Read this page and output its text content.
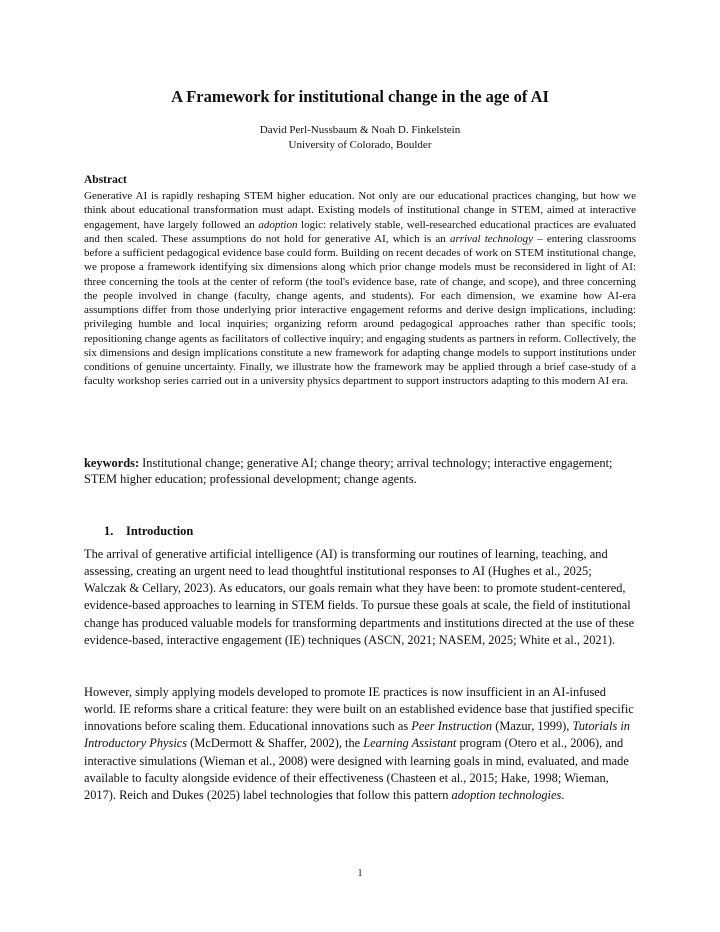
A Framework for institutional change in the age of AI
David Perl-Nussbaum & Noah D. Finkelstein
University of Colorado, Boulder
Abstract

Generative AI is rapidly reshaping STEM higher education. Not only are our educational practices changing, but how we think about educational transformation must adapt. Existing models of institutional change in STEM, aimed at interactive engagement, have largely followed an adoption logic: relatively stable, well-researched educational practices are evaluated and then scaled. These assumptions do not hold for generative AI, which is an arrival technology – entering classrooms before a sufficient pedagogical evidence base could form. Building on recent decades of work on STEM institutional change, we propose a framework identifying six dimensions along which prior change models must be reconsidered in light of AI: three concerning the tools at the center of reform (the tool's evidence base, rate of change, and scope), and three concerning the people involved in change (faculty, change agents, and students). For each dimension, we examine how AI-era assumptions differ from those underlying prior interactive engagement reforms and derive design implications, including: privileging humble and local inquiries; organizing reform around pedagogical approaches rather than specific tools; repositioning change agents as facilitators of collective inquiry; and engaging students as partners in reform. Collectively, the six dimensions and design implications constitute a new framework for adapting change models to support institutions under conditions of genuine uncertainty. Finally, we illustrate how the framework may be applied through a brief case-study of a faculty workshop series carried out in a university physics department to support instructors adapting to this modern AI era.

keywords: Institutional change; generative AI; change theory; arrival technology; interactive engagement; STEM higher education; professional development; change agents.

1. Introduction

The arrival of generative artificial intelligence (AI) is transforming our routines of learning, teaching, and assessing, creating an urgent need to lead thoughtful institutional responses to AI (Hughes et al., 2025; Walczak & Cellary, 2023). As educators, our goals remain what they have been: to promote student-centered, evidence-based approaches to learning in STEM fields. To pursue these goals at scale, the field of institutional change has produced valuable models for transforming departments and institutions directed at the use of these evidence-based, interactive engagement (IE) techniques (ASCN, 2021; NASEM, 2025; White et al., 2021).

However, simply applying models developed to promote IE practices is now insufficient in an AI-infused world. IE reforms share a critical feature: they were built on an established evidence base that justified specific innovations before scaling them. Educational innovations such as Peer Instruction (Mazur, 1999), Tutorials in Introductory Physics (McDermott & Shaffer, 2002), the Learning Assistant program (Otero et al., 2006), and interactive simulations (Wieman et al., 2008) were designed with learning goals in mind, evaluated, and made available to faculty alongside evidence of their effectiveness (Chasteen et al., 2015; Hake, 1998; Wieman, 2017). Reich and Dukes (2025) label technologies that follow this pattern adoption technologies.

1
